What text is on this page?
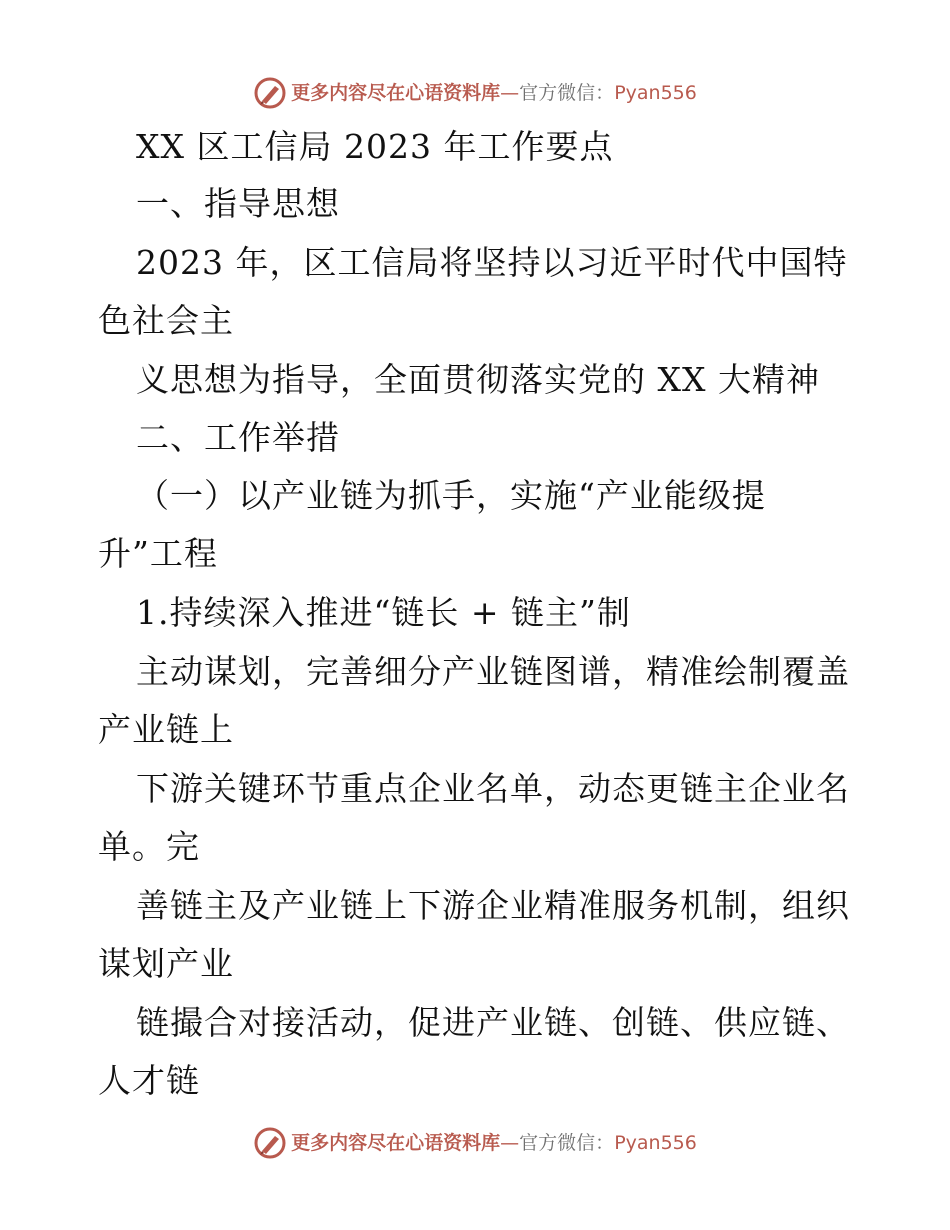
更多内容尽在心语资料库 — 官方微信： Pyan556
XX 区工信局 2023 年工作要点
一、指导思想
2023 年，区工信局将坚持以习近平时代中国特
色社会主
义思想为指导，全面贯彻落实党的 XX 大精神
二、工作举措
（一）以产业链为抓手，实施“产业能级提
升”工程
1.持续深入推进“链长 + 链主”制
主动谋划，完善细分产业链图谱，精准绘制覆盖
产业链上
下游关键环节重点企业名单，动态更链主企业名
单。完
善链主及产业链上下游企业精准服务机制，组织
谋划产业
链撮合对接活动，促进产业链、创链、供应链、
人才链
更多内容尽在心语资料库 — 官方微信： Pyan556
